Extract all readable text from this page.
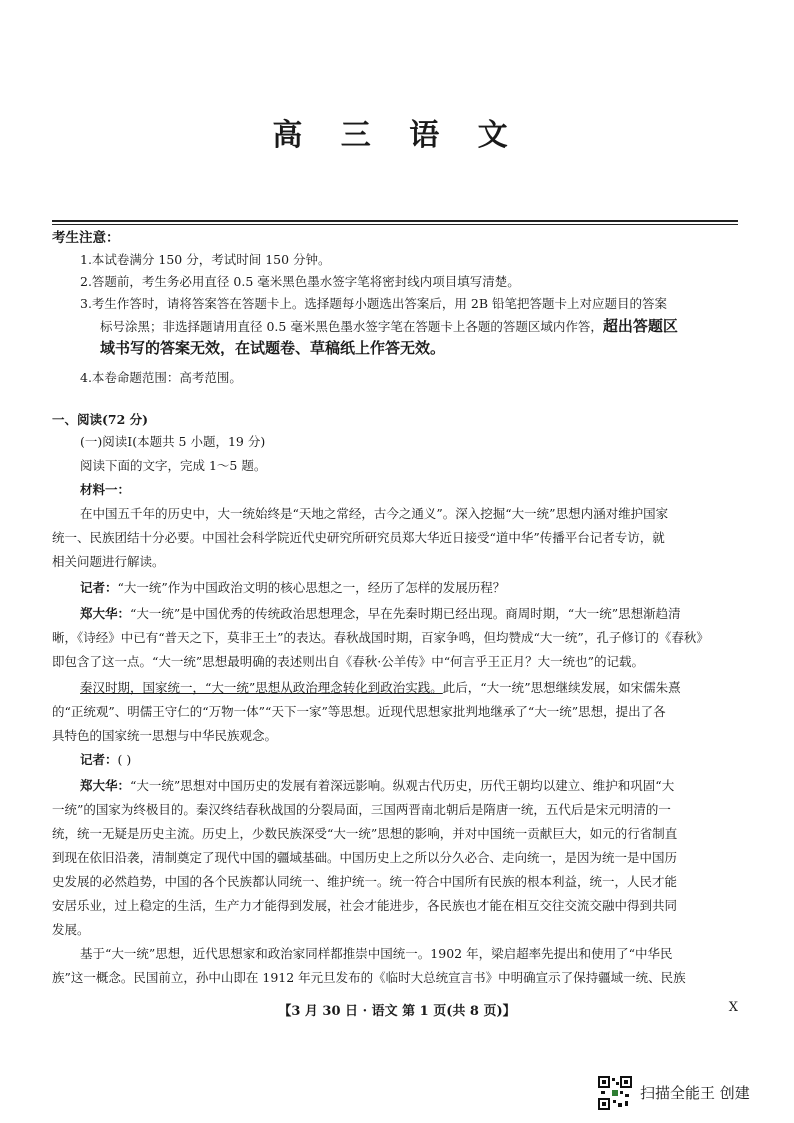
高 三 语 文
考生注意：
1.本试卷满分 150 分，考试时间 150 分钟。
2.答题前，考生务必用直径 0.5 毫米黑色墨水签字笔将密封线内项目填写清楚。
3.考生作答时，请将答案答在答题卡上。选择题每小题选出答案后，用 2B 铅笔把答题卡上对应题目的答案
标号涂黑；非选择题请用直径 0.5 毫米黑色墨水签字笔在答题卡上各题的答题区域内作答，超出答题区 · · ·
域书写的答案无效，在试题卷、草稿纸上作答无效。 · · ·
4.本卷命题范围：高考范围。
一、阅读(72 分)
(一)阅读Ⅰ(本题共 5 小题，19 分)
阅读下面的文字，完成 1～5 题。
材料一：
在中国五千年的历史中，大一统始终是“天地之常经，古今之通义”。深入挖掘“大一统”思想内涵对维护国家
统一、民族团结十分必要。中国社会科学院近代史研究所研究员郑大华近日接受“道中华”传播平台记者专访，就
相关问题进行解读。
记者：“大一统”作为中国政治文明的核心思想之一，经历了怎样的发展历程？
郑大华：“大一统”是中国优秀的传统政治思想理念，早在先秦时期已经出现。商周时期，“大一统”思想渐趋清
晰，《诗经》中已有“普天之下，莫非王土”的表达。春秋战国时期，百家争鸣，但均赞成“大一统”，孔子修订的《春秋》
即包含了这一点。“大一统”思想最明确的表述则出自《春秋·公羊传》中“何言乎王正月？大一统也”的记载。
秦汉时期，国家统一，“大一统”思想从政治理念转化到政治实践。此后，“大一统”思想继续发展，如宋儒朱熹
的“正统观”、明儒王守仁的“万物一体”“天下一家”等思想。近现代思想家批判地继承了“大一统”思想，提出了各
具特色的国家统一思想与中华民族观念。
记者：( )
郑大华：“大一统”思想对中国历史的发展有着深远影响。纵观古代历史，历代王朝均以建立、维护和巩固“大
一统”的国家为终极目的。秦汉终结春秋战国的分裂局面，三国两晋南北朝后是隋唐一统，五代后是宋元明清的一
统，统一无疑是历史主流。历史上，少数民族深受“大一统”思想的影响，并对中国统一贡献巨大，如元的行省制直
到现在依旧沿袭，清制奠定了现代中国的疆域基础。中国历史上之所以分久必合、走向统一，是因为统一是中国历
史发展的必然趋势，中国的各个民族都认同统一、维护统一。统一符合中国所有民族的根本利益，统一，人民才能
安居乐业，过上稳定的生活，生产力才能得到发展，社会才能进步，各民族也才能在相互交往交流交融中得到共同
发展。
基于“大一统”思想，近代思想家和政治家同样都推崇中国统一。1902 年，梁启超率先提出和使用了“中华民
族”这一概念。民国前立，孙中山即在 1912 年元旦发布的《临时大总统宣言书》中明确宣示了保持疆域一统、民族
【3 月 30 日 · 语文 第 1 页(共 8 页)】	X
扫描全能王 创建
